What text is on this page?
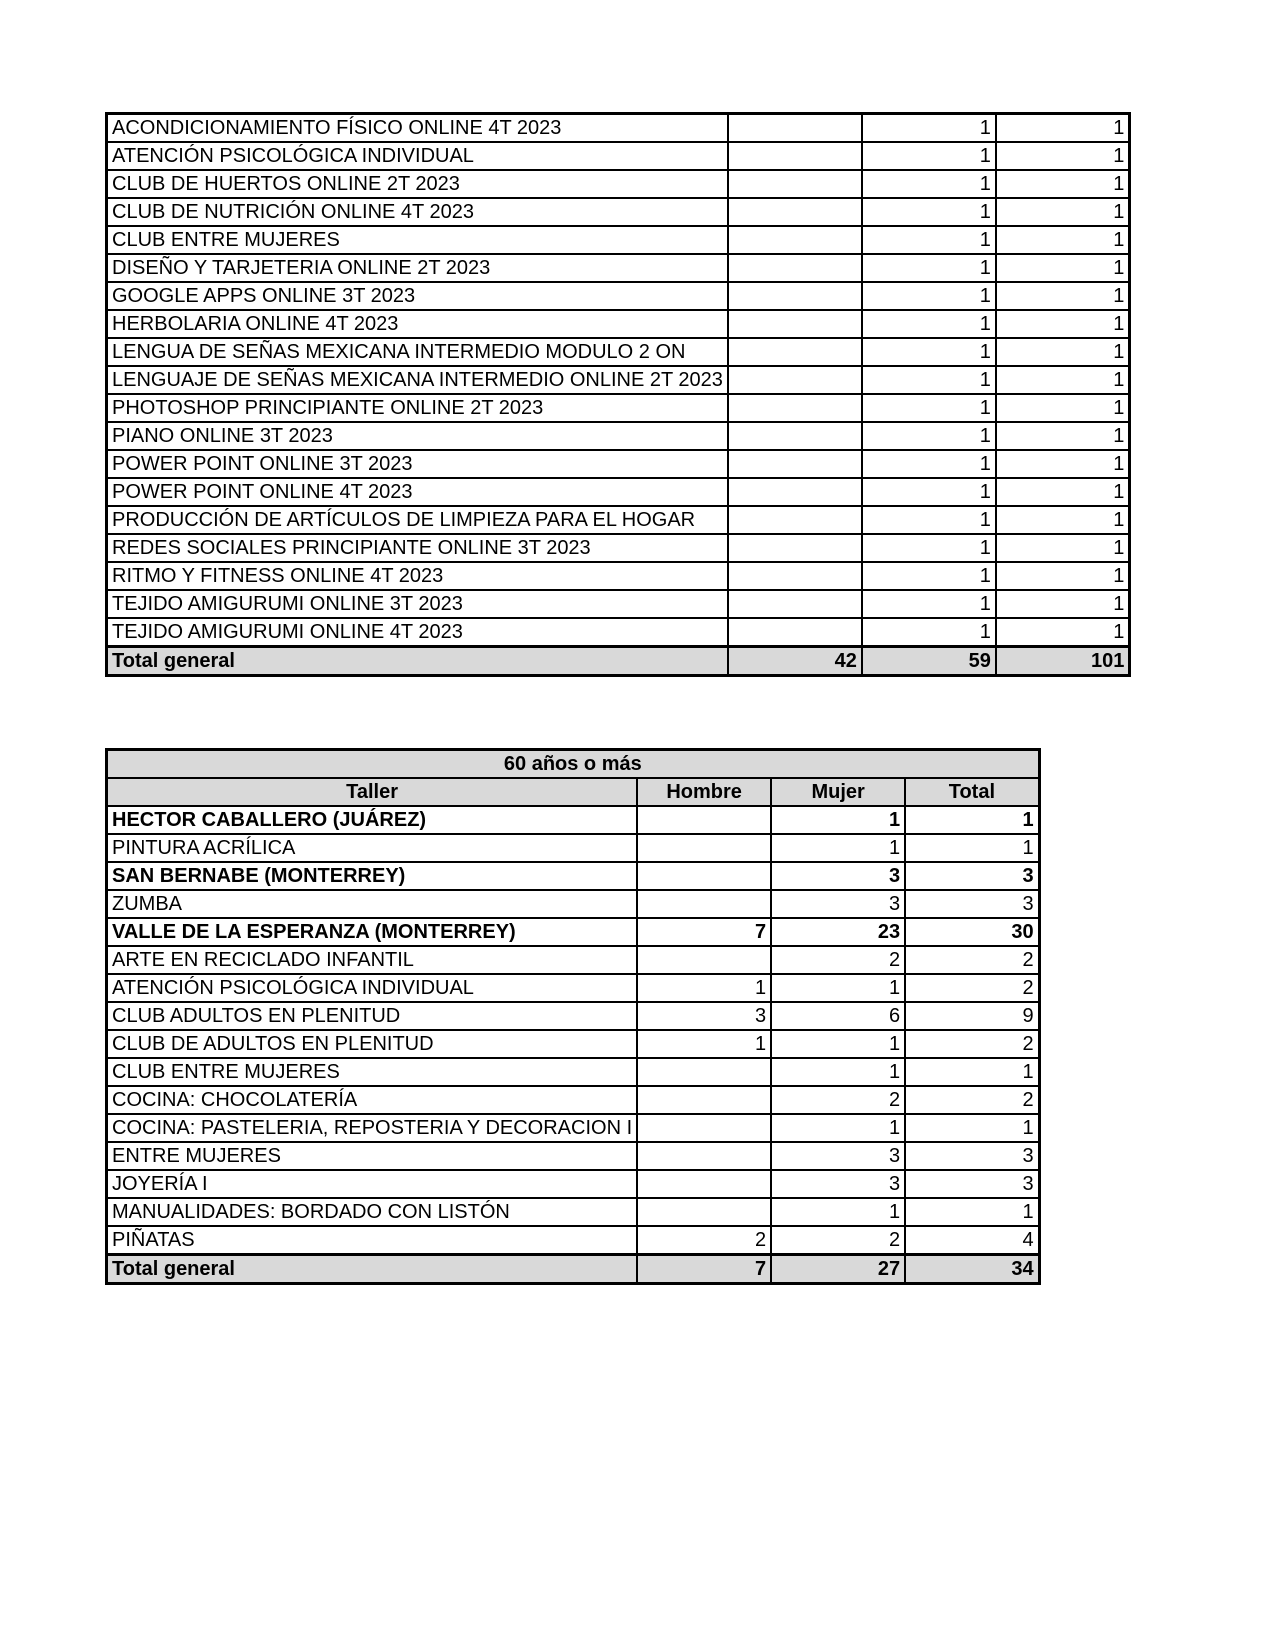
ACONDICIONAMIENTO FÍSICO ONLINE 4T 2023		1	1
ATENCIÓN PSICOLÓGICA INDIVIDUAL		1	1
CLUB DE HUERTOS ONLINE 2T 2023		1	1
CLUB DE NUTRICIÓN ONLINE 4T 2023		1	1
CLUB ENTRE MUJERES		1	1
DISEÑO Y TARJETERIA ONLINE 2T 2023		1	1
GOOGLE APPS ONLINE 3T 2023		1	1
HERBOLARIA ONLINE 4T 2023		1	1
LENGUA DE SEÑAS MEXICANA INTERMEDIO MODULO 2 ON		1	1
LENGUAJE DE SEÑAS MEXICANA INTERMEDIO ONLINE 2T 2023		1	1
PHOTOSHOP PRINCIPIANTE ONLINE 2T 2023		1	1
PIANO ONLINE 3T 2023		1	1
POWER POINT ONLINE 3T 2023		1	1
POWER POINT ONLINE 4T 2023		1	1
PRODUCCIÓN DE ARTÍCULOS DE LIMPIEZA PARA EL HOGAR		1	1
REDES SOCIALES PRINCIPIANTE ONLINE 3T 2023		1	1
RITMO Y FITNESS ONLINE 4T 2023		1	1
TEJIDO AMIGURUMI ONLINE 3T 2023		1	1
TEJIDO AMIGURUMI ONLINE 4T 2023		1	1
Total general	42	59	101
60 años o más			
Taller	Hombre	Mujer	Total
HECTOR CABALLERO (JUÁREZ)		1	1
PINTURA ACRÍLICA		1	1
SAN BERNABE (MONTERREY)		3	3
ZUMBA		3	3
VALLE DE LA ESPERANZA (MONTERREY)	7	23	30
ARTE EN RECICLADO INFANTIL		2	2
ATENCIÓN PSICOLÓGICA INDIVIDUAL	1	1	2
CLUB ADULTOS EN PLENITUD	3	6	9
CLUB DE ADULTOS EN PLENITUD	1	1	2
CLUB ENTRE MUJERES		1	1
COCINA: CHOCOLATERÍA		2	2
COCINA: PASTELERIA, REPOSTERIA Y DECORACION I		1	1
ENTRE MUJERES		3	3
JOYERÍA I		3	3
MANUALIDADES: BORDADO CON LISTÓN		1	1
PIÑATAS	2	2	4
Total general	7	27	34
